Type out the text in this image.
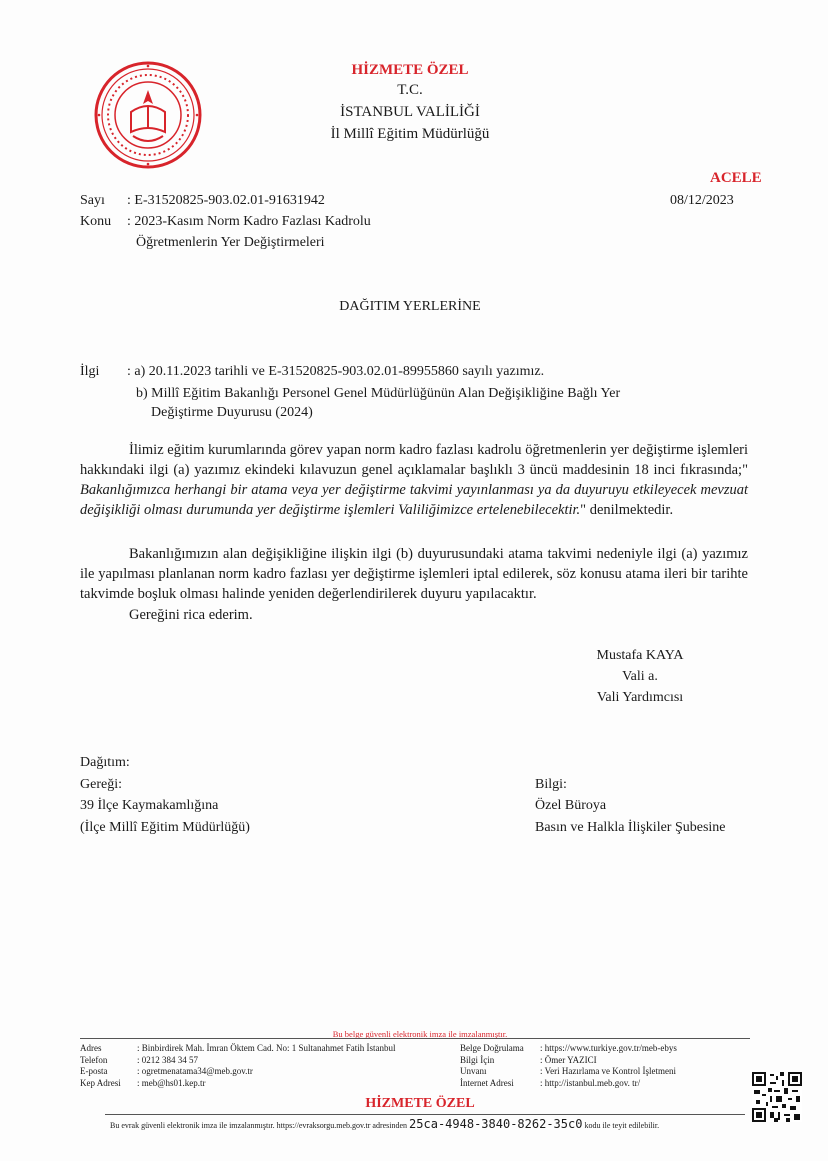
HİZMETE ÖZEL
T.C.
İSTANBUL VALİLİĞİ
İl Millî Eğitim Müdürlüğü
ACELE
Sayı : E-31520825-903.02.01-91631942	08/12/2023
Konu : 2023-Kasım Norm Kadro Fazlası Kadrolu
Öğretmenlerin Yer Değiştirmeleri
DAĞITIM YERLERİNE
İlgi : a) 20.11.2023 tarihli ve E-31520825-903.02.01-89955860 sayılı yazımız.
b) Millî Eğitim Bakanlığı Personel Genel Müdürlüğünün Alan Değişikliğine Bağlı Yer
Değiştirme Duyurusu (2024)
İlimiz eğitim kurumlarında görev yapan norm kadro fazlası kadrolu öğretmenlerin yer değiştirme işlemleri hakkındaki ilgi (a) yazımız ekindeki kılavuzun genel açıklamalar başlıklı 3 üncü maddesinin 18 inci fıkrasında;" Bakanlığımızca herhangi bir atama veya yer değiştirme takvimi yayınlanması ya da duyuruyu etkileyecek mevzuat değişikliği olması durumunda yer değiştirme işlemleri Valiliğimizce ertelenebilecektir." denilmektedir.
Bakanlığımızın alan değişikliğine ilişkin ilgi (b) duyurusundaki atama takvimi nedeniyle ilgi (a) yazımız ile yapılması planlanan norm kadro fazlası yer değiştirme işlemleri iptal edilerek, söz konusu atama ileri bir tarihte takvimde boşluk olması halinde yeniden değerlendirilerek duyuru yapılacaktır.
Gereğini rica ederim.
Mustafa KAYA
Vali a.
Vali Yardımcısı
Dağıtım:
Gereği:
39 İlçe Kaymakamlığına
(İlçe Millî Eğitim Müdürlüğü)
Bilgi:
Özel Büroya
Basın ve Halkla İlişkiler Şubesine
Bu belge güvenli elektronik imza ile imzalanmıştır.
Adres	: Binbirdirek Mah. İmran Öktem Cad. No: 1 Sultanahmet Fatih İstanbul
Telefon	: 0212 384 34 57
E-posta	: ogretmenatama34@meb.gov.tr
Kep Adresi : meb@hs01.kep.tr
Belge Doğrulama : https://www.turkiye.gov.tr/meb-ebys
Bilgi İçin	: Ömer YAZICI
Unvanı	: Veri Hazırlama ve Kontrol İşletmeni
İnternet Adresi	: http://istanbul.meb.gov. tr/
HİZMETE ÖZEL
Bu evrak güvenli elektronik imza ile imzalanmıştır. https://evraksorgu.meb.gov.tr adresinden 25ca-4948-3840-8262-35c0 kodu ile teyit edilebilir.
